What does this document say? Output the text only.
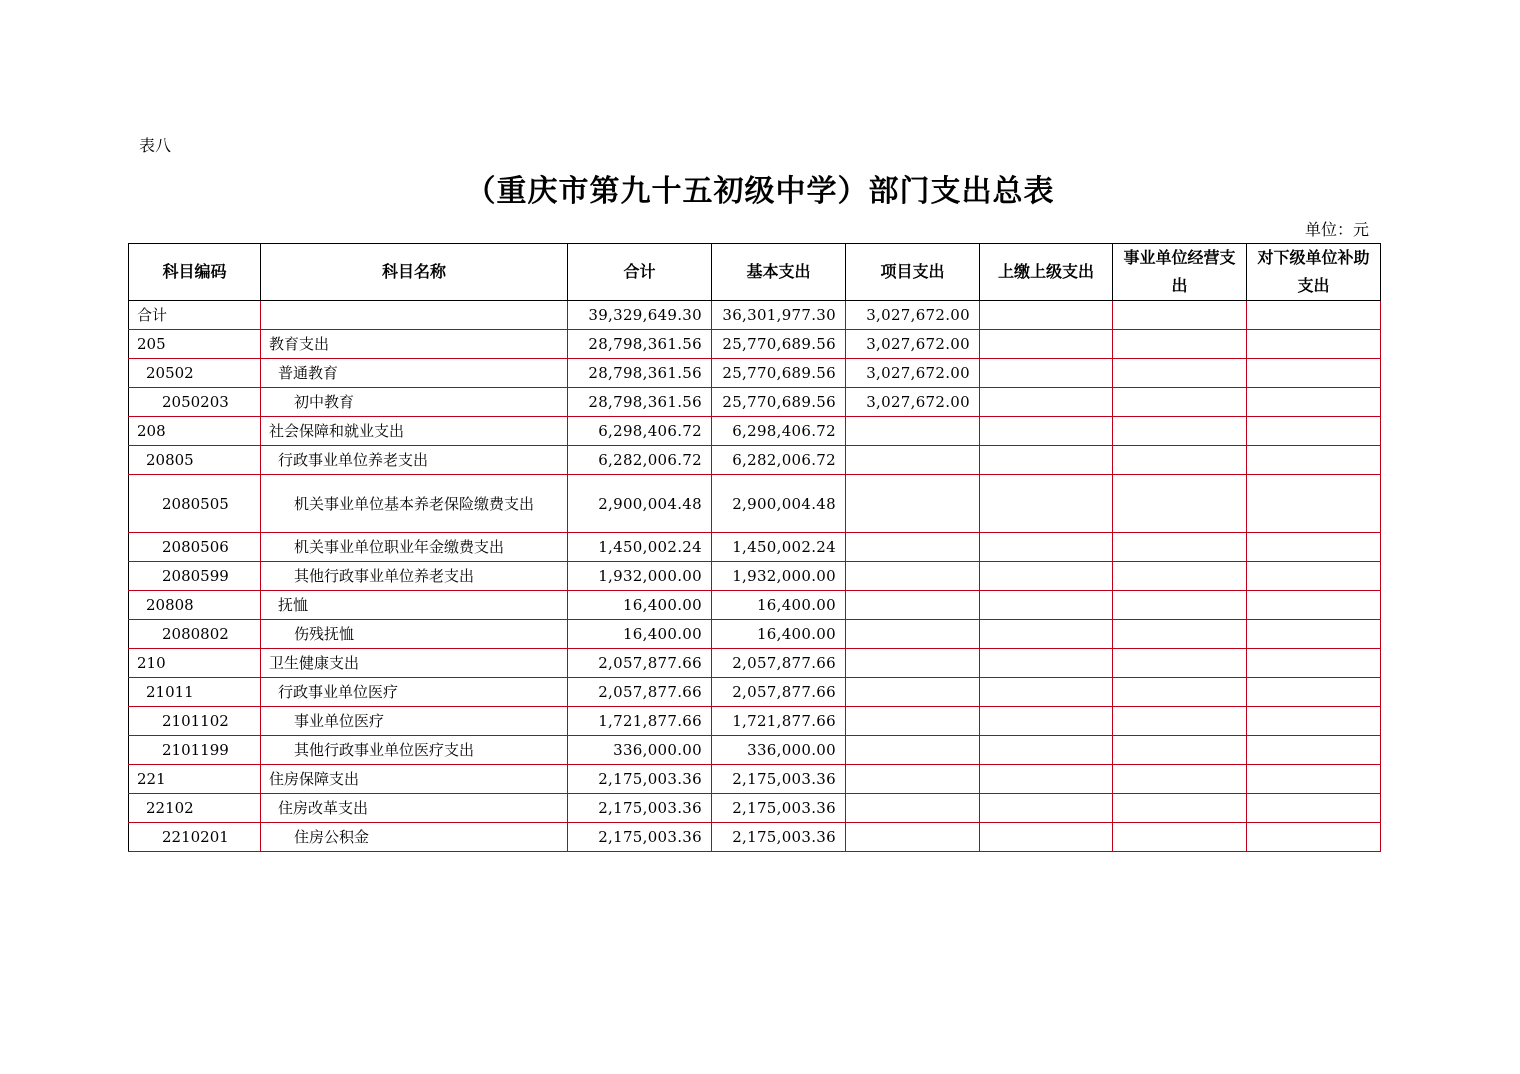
表八
（重庆市第九十五初级中学）部门支出总表
单位：元
科目编码	科目名称	合计	基本支出	项目支出	上缴上级支出	事业单位经营支出	对下级单位补助支出
合计		39,329,649.30	36,301,977.30	3,027,672.00			
205	教育支出	28,798,361.56	25,770,689.56	3,027,672.00			
20502	普通教育	28,798,361.56	25,770,689.56	3,027,672.00			
2050203	初中教育	28,798,361.56	25,770,689.56	3,027,672.00			
208	社会保障和就业支出	6,298,406.72	6,298,406.72				
20805	行政事业单位养老支出	6,282,006.72	6,282,006.72				
2080505	机关事业单位基本养老保险缴费支出	2,900,004.48	2,900,004.48				
2080506	机关事业单位职业年金缴费支出	1,450,002.24	1,450,002.24				
2080599	其他行政事业单位养老支出	1,932,000.00	1,932,000.00				
20808	抚恤	16,400.00	16,400.00				
2080802	伤残抚恤	16,400.00	16,400.00				
210	卫生健康支出	2,057,877.66	2,057,877.66				
21011	行政事业单位医疗	2,057,877.66	2,057,877.66				
2101102	事业单位医疗	1,721,877.66	1,721,877.66				
2101199	其他行政事业单位医疗支出	336,000.00	336,000.00				
221	住房保障支出	2,175,003.36	2,175,003.36				
22102	住房改革支出	2,175,003.36	2,175,003.36				
2210201	住房公积金	2,175,003.36	2,175,003.36				
